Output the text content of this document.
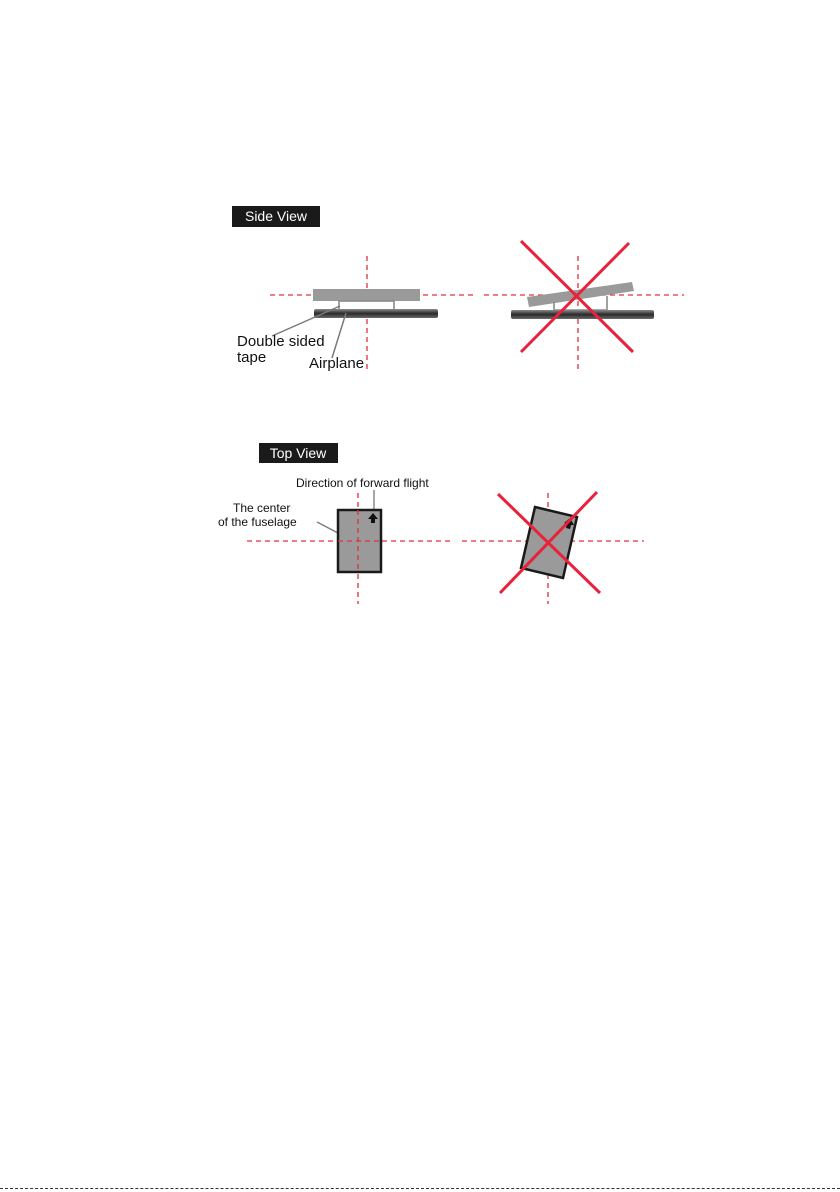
Side View
Double sided
tape	Airplane
Top View
Direction of forward flight
The center
of the fuselage
